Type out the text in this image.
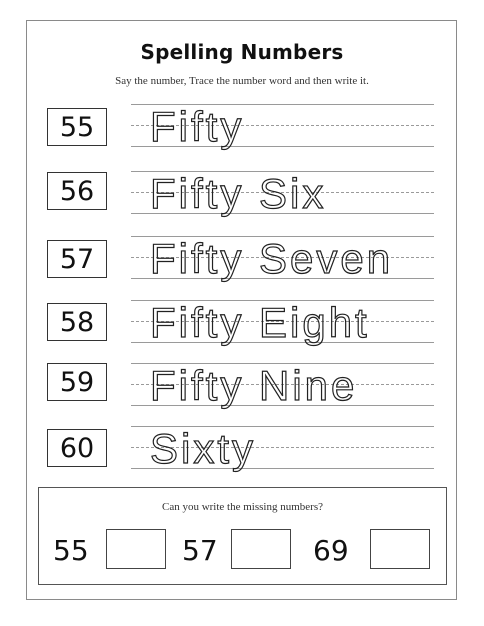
Spelling Numbers
Say the number, Trace the number word and then write it.
55	Fifty
56	Fifty Six
57	Fifty Seven
58	Fifty Eight
59	Fifty Nine
60	Sixty
Can you write the missing numbers?
55	57	69
